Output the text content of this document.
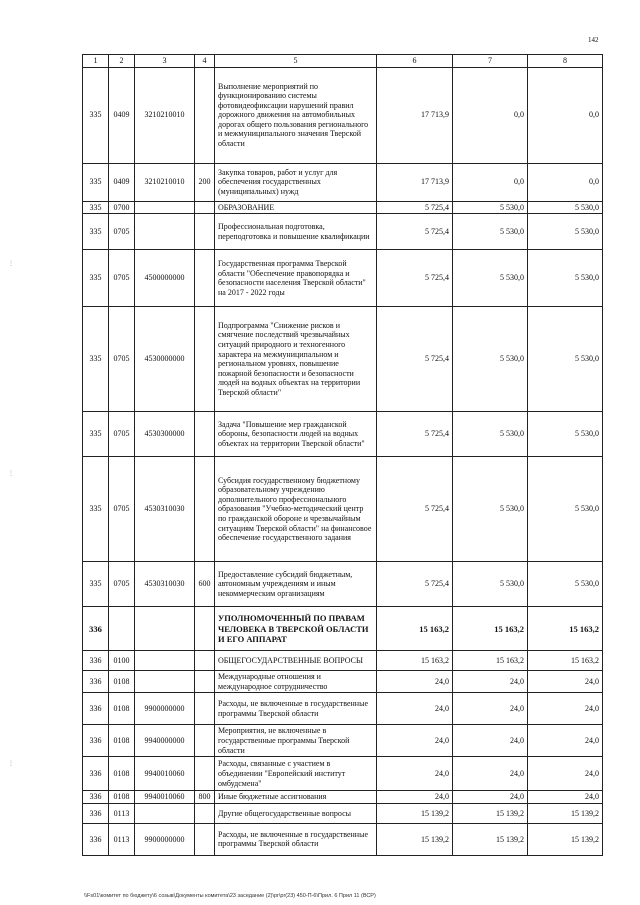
142
⋮
⋮
⋮
1	2	3	4	5	6	7	8
335	0409	3210210010		Выполнение мероприятий по функционированию системы фотовидеофиксации нарушений правил дорожного движения на автомобильных дорогах общего пользования регионального и межмуниципального значения Тверской области	17 713,9	0,0	0,0
335	0409	3210210010	200	Закупка товаров, работ и услуг для обеспечения государственных (муниципальных) нужд	17 713,9	0,0	0,0
335	0700			ОБРАЗОВАНИЕ	5 725,4	5 530,0	5 530,0
335	0705			Профессиональная подготовка, переподготовка и повышение квалификации	5 725,4	5 530,0	5 530,0
335	0705	4500000000		Государственная программа Тверской области "Обеспечение правопорядка и безопасности населения Тверской области" на 2017 - 2022 годы	5 725,4	5 530,0	5 530,0
335	0705	4530000000		Подпрограмма "Снижение рисков и смягчение последствий чрезвычайных ситуаций природного и техногенного характера на межмуниципальном и региональном уровнях, повышение пожарной безопасности и безопасности людей на водных объектах на территории Тверской области"	5 725,4	5 530,0	5 530,0
335	0705	4530300000		Задача "Повышение мер гражданской обороны, безопасности людей на водных объектах на территории Тверской области"	5 725,4	5 530,0	5 530,0
335	0705	4530310030		Субсидия государственному бюджетному образовательному учреждению дополнительного профессионального образования "Учебно-методический центр по гражданской обороне и чрезвычайным ситуациям Тверской области" на финансовое обеспечение государственного задания	5 725,4	5 530,0	5 530,0
335	0705	4530310030	600	Предоставление субсидий бюджетным, автономным учреждениям и иным некоммерческим организациям	5 725,4	5 530,0	5 530,0
336				УПОЛНОМОЧЕННЫЙ ПО ПРАВАМ ЧЕЛОВЕКА В ТВЕРСКОЙ ОБЛАСТИ И ЕГО АППАРАТ	15 163,2	15 163,2	15 163,2
336	0100			ОБЩЕГОСУДАРСТВЕННЫЕ ВОПРОСЫ	15 163,2	15 163,2	15 163,2
336	0108			Международные отношения и международное сотрудничество	24,0	24,0	24,0
336	0108	9900000000		Расходы, не включенные в государственные программы Тверской области	24,0	24,0	24,0
336	0108	9940000000		Мероприятия, не включенные в государственные программы Тверской области	24,0	24,0	24,0
336	0108	9940010060		Расходы, связанные с участием в объединении "Европейский институт омбудсмена"	24,0	24,0	24,0
336	0108	9940010060	800	Иные бюджетные ассигнования	24,0	24,0	24,0
336	0113			Другие общегосударственные вопросы	15 139,2	15 139,2	15 139,2
336	0113	9900000000		Расходы, не включенные в государственные программы Тверской области	15 139,2	15 139,2	15 139,2
\\Fs01\комитет по бюджету\6 созыв\Документы комитета\23 заседание (2)\pr\pr(23) 450-П-6\Прил. 6 Прил 11 (ВСР)
